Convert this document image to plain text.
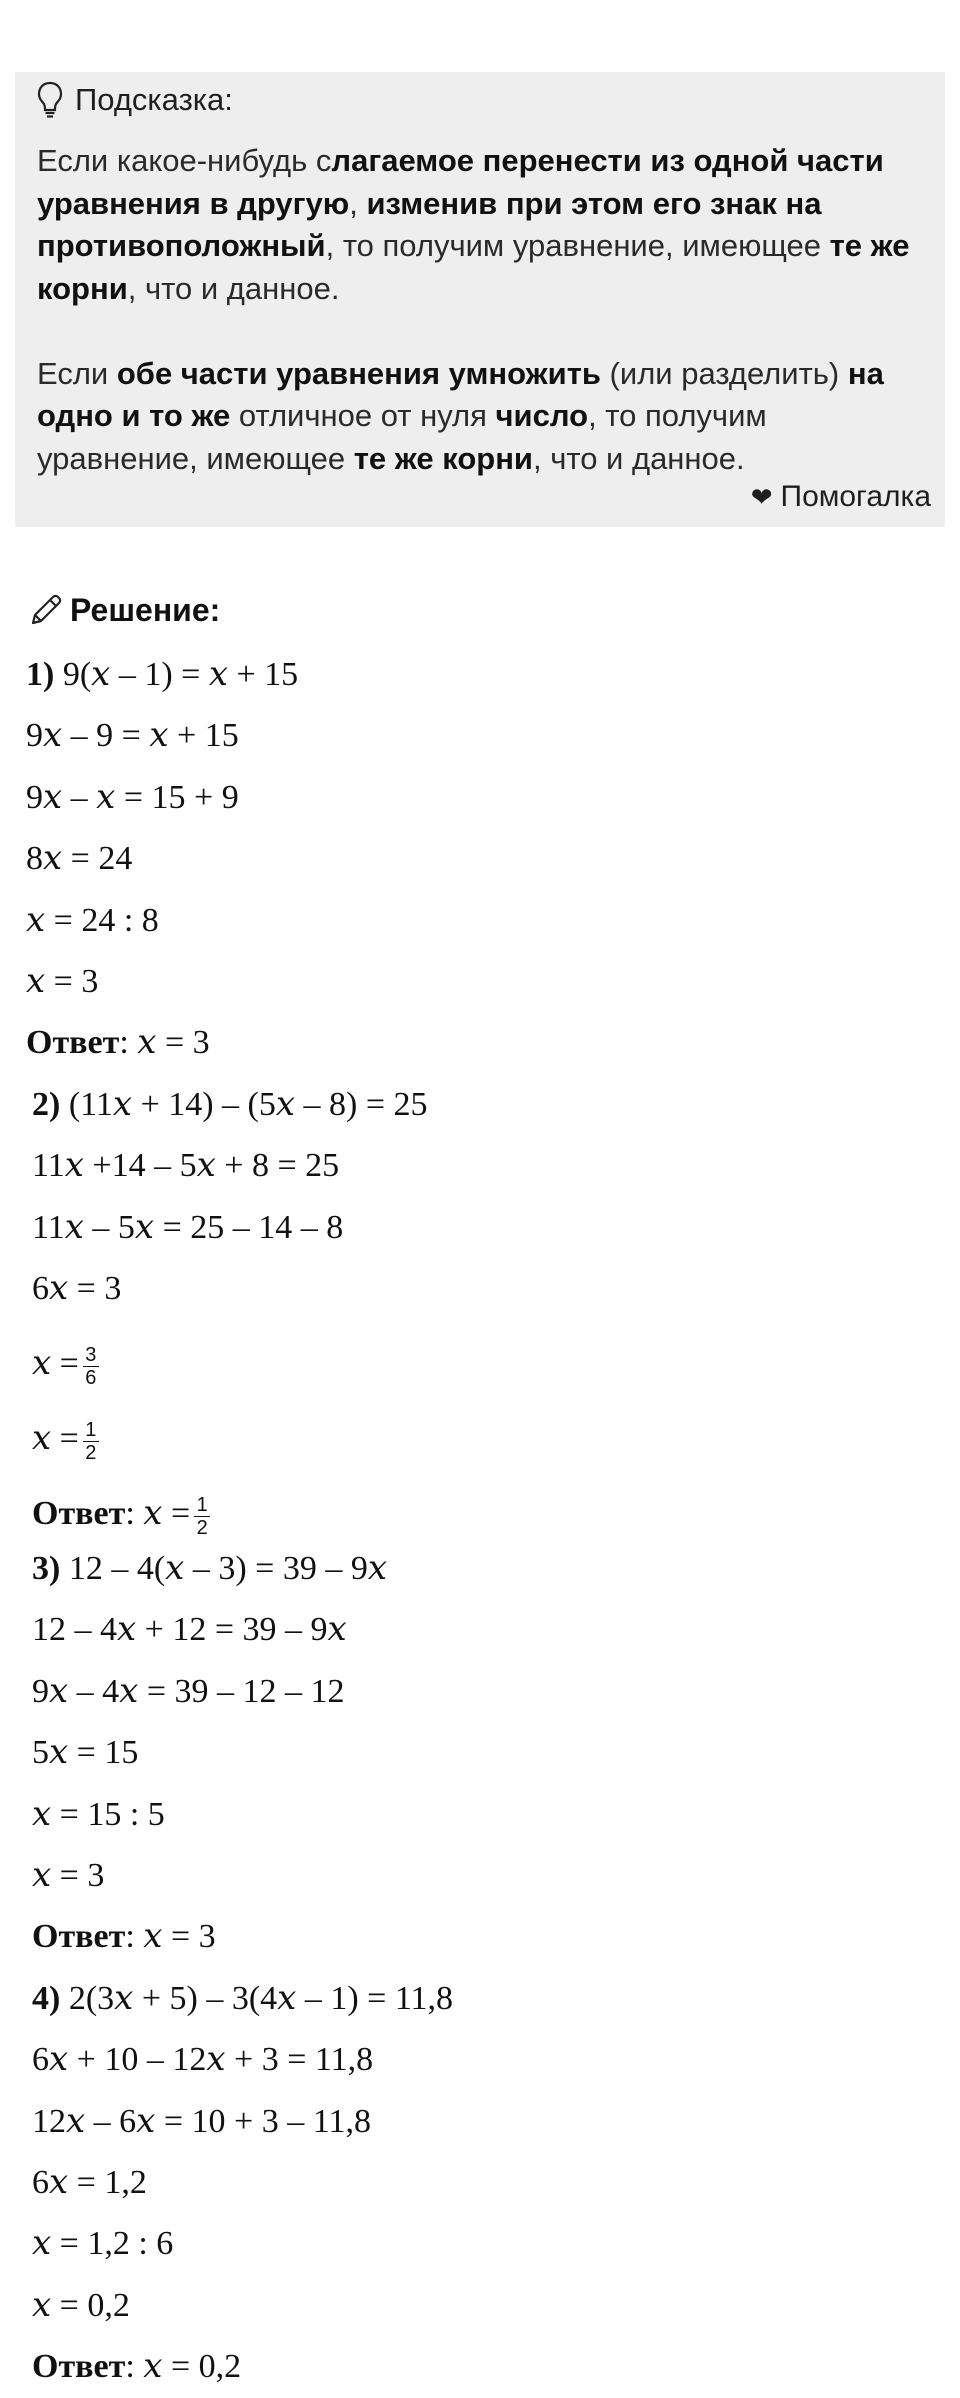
Подсказка:

Если какое-нибудь слагаемое перенести из одной части уравнения в другую, изменив при этом его знак на противоположный, то получим уравнение, имеющее те же корни, что и данное.

Если обе части уравнения умножить (или разделить) на одно и то же отличное от нуля число, то получим уравнение, имеющее те же корни, что и данное.

❤ Помогалка
Решение:
1) 9(𝑥 – 1) = 𝑥 + 15
9𝑥 – 9 = 𝑥 + 15
9𝑥 – 𝑥 = 15 + 9
8𝑥 = 24
𝑥 = 24 : 8
𝑥 = 3
Ответ: 𝑥 = 3
2) (11𝑥 + 14) – (5𝑥 – 8) = 25
11𝑥 +14 – 5𝑥 + 8 = 25
11𝑥 – 5𝑥 = 25 – 14 – 8
6𝑥 = 3
𝑥 = $\frac{3}{6}$
𝑥 = $\frac{1}{2}$
Ответ: 𝑥 = $\frac{1}{2}$
3) 12 – 4(𝑥 – 3) = 39 – 9𝑥
12 – 4𝑥 + 12 = 39 – 9𝑥
9𝑥 – 4𝑥 = 39 – 12 – 12
5𝑥 = 15
𝑥 = 15 : 5
𝑥 = 3
Ответ: 𝑥 = 3
4) 2(3𝑥 + 5) – 3(4𝑥 – 1) = 11,8
6𝑥 + 10 – 12𝑥 + 3 = 11,8
12𝑥 – 6𝑥 = 10 + 3 – 11,8
6𝑥 = 1,2
𝑥 = 1,2 : 6
𝑥 = 0,2
Ответ: 𝑥 = 0,2
